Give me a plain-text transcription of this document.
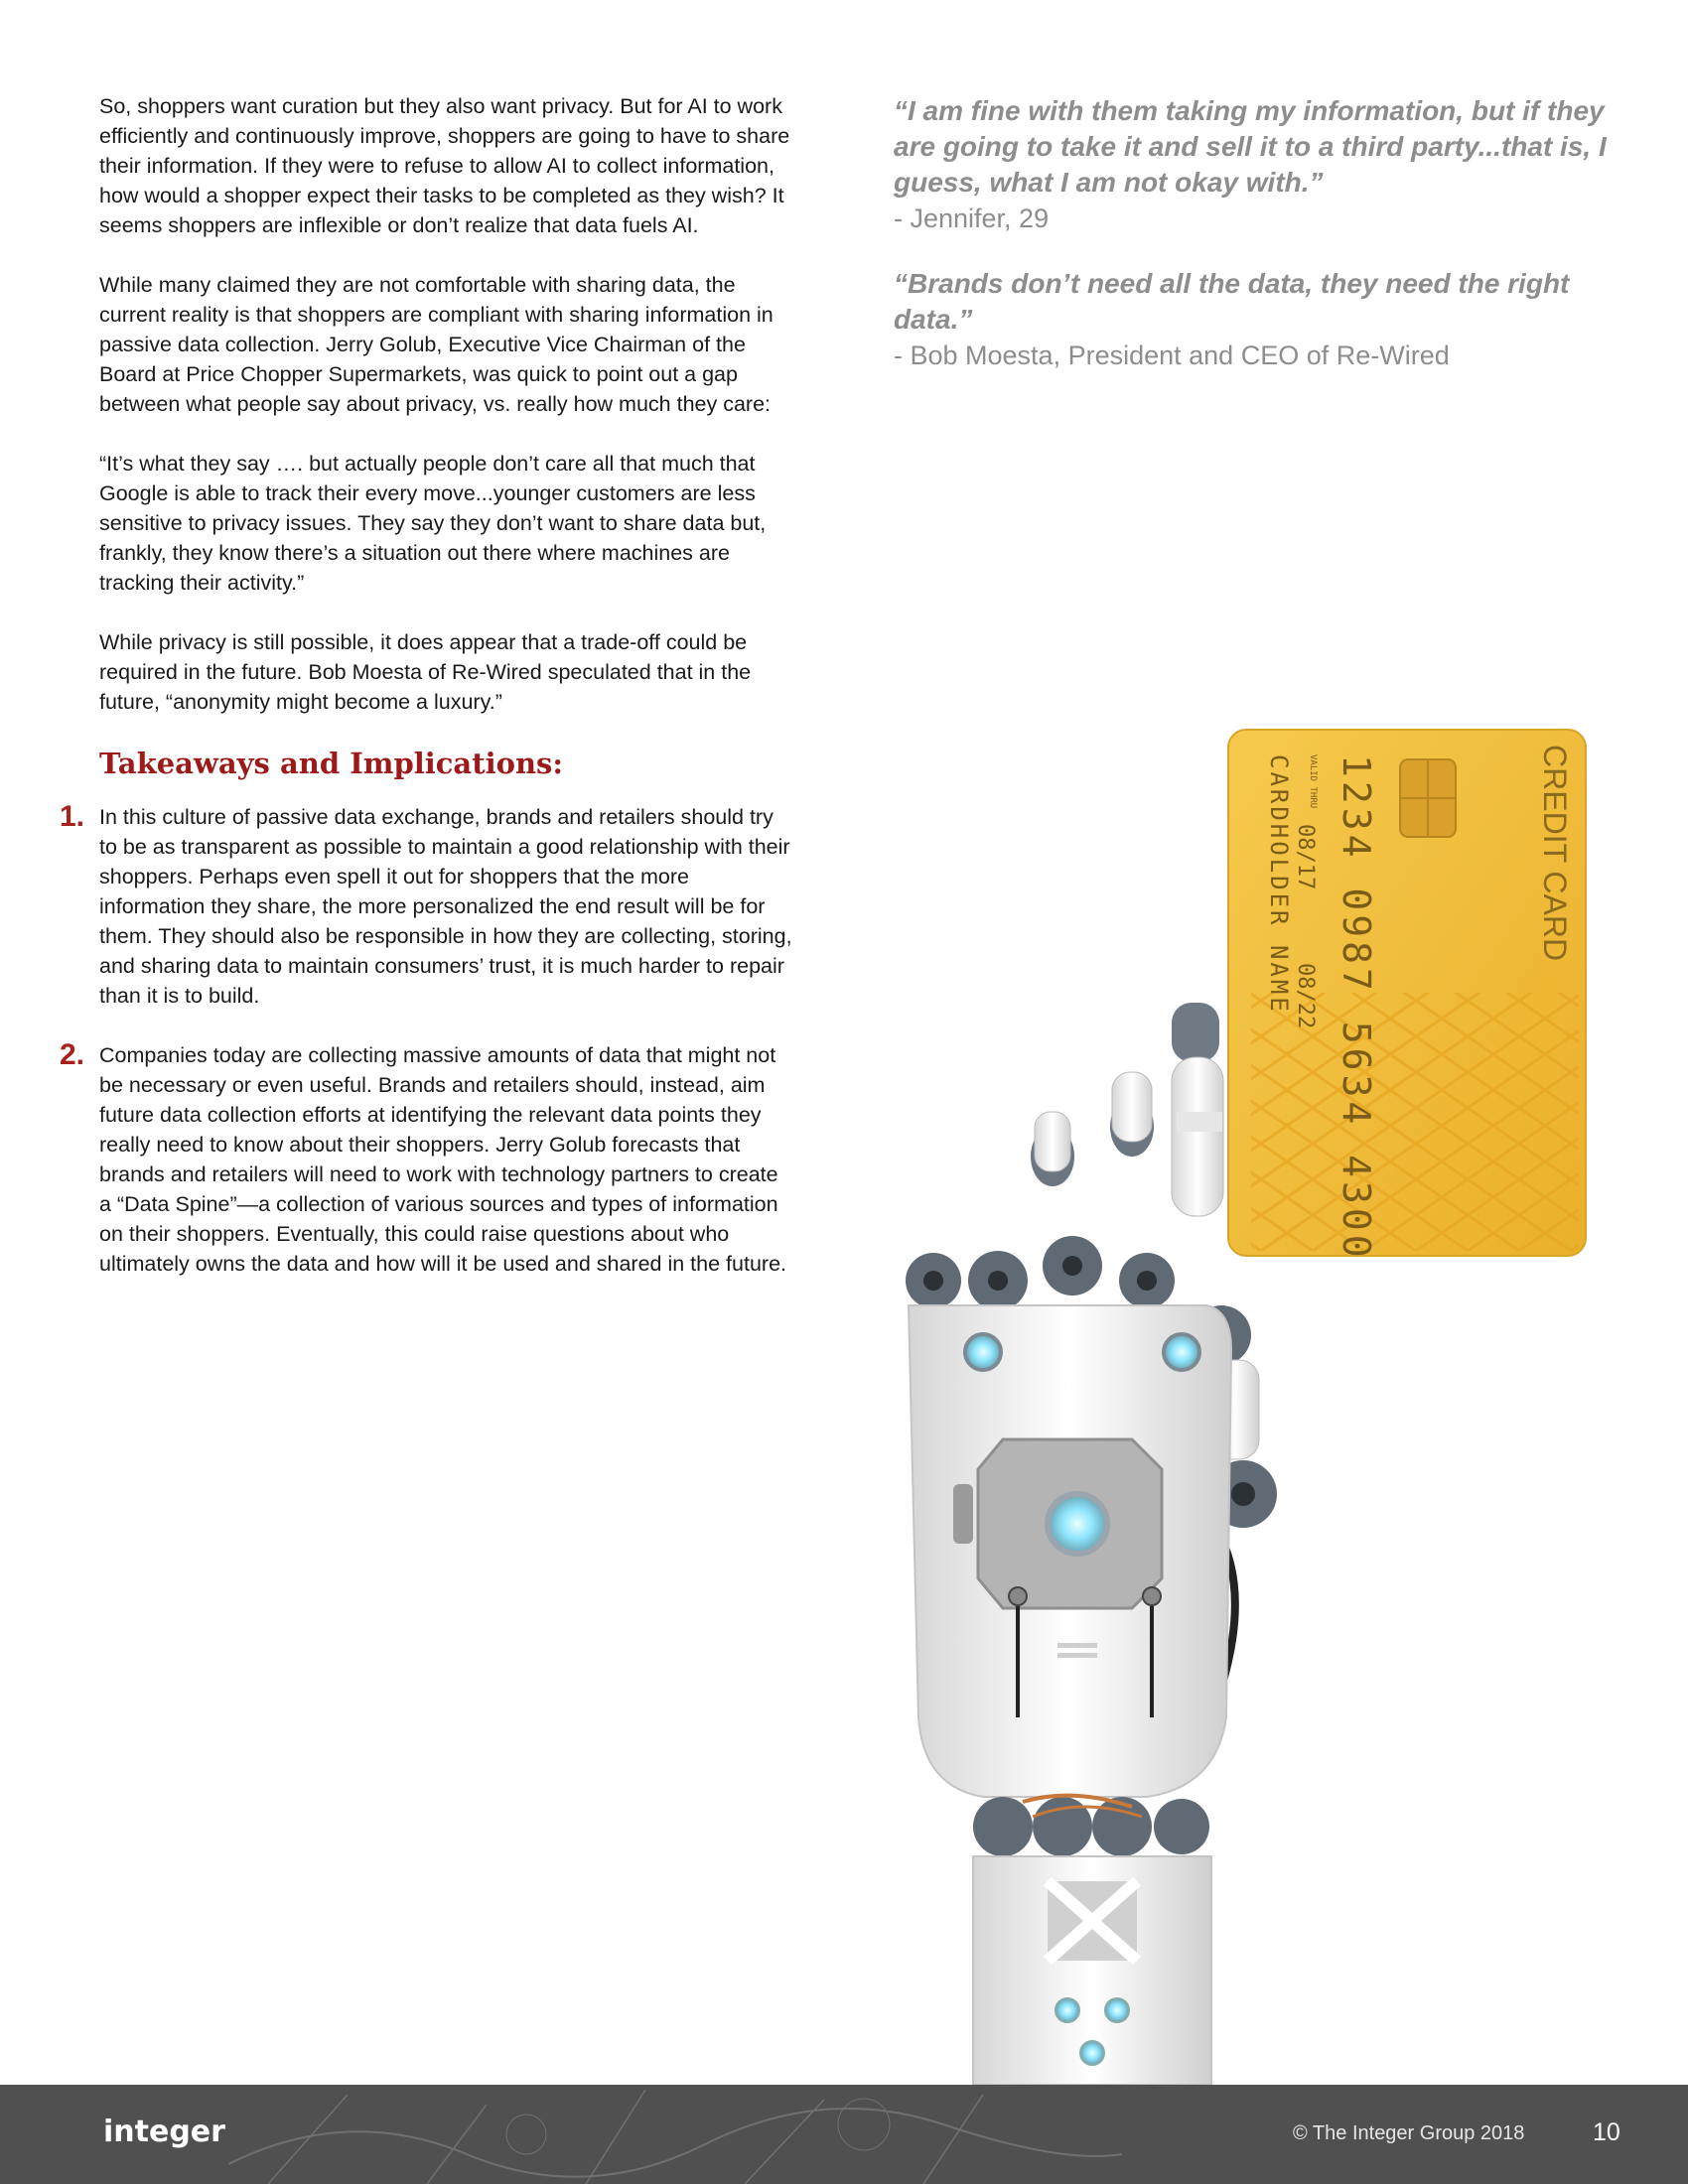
So, shoppers want curation but they also want privacy. But for AI to work efficiently and continuously improve, shoppers are going to have to share their information. If they were to refuse to allow AI to collect information, how would a shopper expect their tasks to be completed as they wish? It seems shoppers are inflexible or don’t realize that data fuels AI.

While many claimed they are not comfortable with sharing data, the current reality is that shoppers are compliant with sharing information in passive data collection. Jerry Golub, Executive Vice Chairman of the Board at Price Chopper Supermarkets, was quick to point out a gap between what people say about privacy, vs. really how much they care:

“It’s what they say …. but actually people don’t care all that much that Google is able to track their every move...younger customers are less sensitive to privacy issues. They say they don’t want to share data but, frankly, they know there’s a situation out there where machines are tracking their activity.”

While privacy is still possible, it does appear that a trade-off could be required in the future. Bob Moesta of Re-Wired speculated that in the future, “anonymity might become a luxury.”

Takeaways and Implications:
1. In this culture of passive data exchange, brands and retailers should try to be as transparent as possible to maintain a good relationship with their shoppers. Perhaps even spell it out for shoppers that the more information they share, the more personalized the end result will be for them. They should also be responsible in how they are collecting, storing, and sharing data to maintain consumers’ trust, it is much harder to repair than it is to build.

2. Companies today are collecting massive amounts of data that might not be necessary or even useful. Brands and retailers should, instead, aim future data collection efforts at identifying the relevant data points they really need to know about their shoppers. Jerry Golub forecasts that brands and retailers will need to work with technology partners to create a “Data Spine”—a collection of various sources and types of information on their shoppers. Eventually, this could raise questions about who ultimately owns the data and how will it be used and shared in the future.

“I am fine with them taking my information, but if they are going to take it and sell it to a third party...that is, I guess, what I am not okay with.”

- Jennifer, 29

“Brands don’t need all the data, they need the right data.”

- Bob Moesta, President and CEO of Re-Wired

CREDIT CARD
1234 0987 5634 4300
VALID THRU
08/17
08/22
CARDHOLDER NAME
integer	© The Integer Group 2018	10
